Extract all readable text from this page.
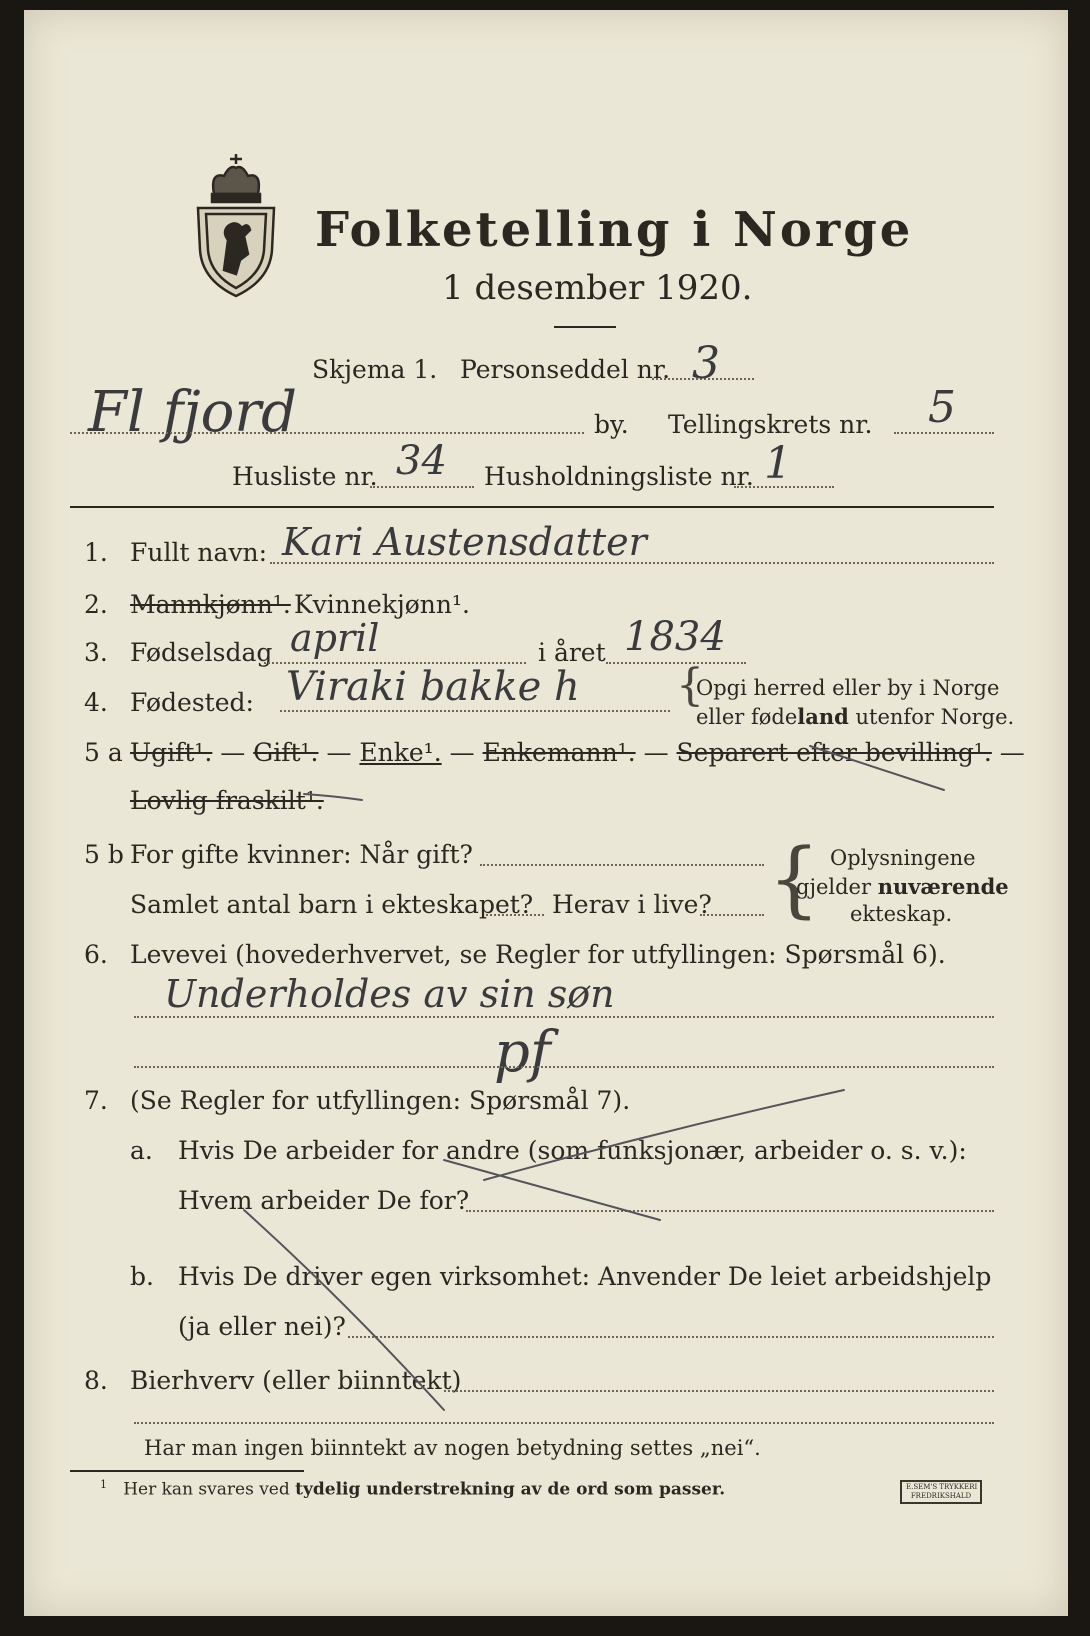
Folketelling i Norge
1 desember 1920.
Skjema 1. Personseddel nr. 3
Fl fjord	by. Tellingskrets nr. 5
Husliste nr. 34 Husholdningsliste nr. 1
1. Fullt navn: Kari Austensdatter
2. Mannkjønn¹. Kvinnekjønn¹.
3. Fødselsdag april	i året 1834
4. Fødested: Viraki bakke h {
Opgi herred eller by i Norge
eller fødeland utenfor Norge.
5 a Ugift¹. — Gift¹. — Enke¹. — Enkemann¹. — Separert efter bevilling¹. —
Lovlig fraskilt¹.
5 b For gifte kvinner: Når gift?
Samlet antal barn i ekteskapet? Herav i live? { Oplysningene
gjelder nuværende
ekteskap.
6. Levevei (hovederhvervet, se Regler for utfyllingen: Spørsmål 6).
Underholdes av sin søn
pf
7. (Se Regler for utfyllingen: Spørsmål 7).
a. Hvis De arbeider for andre (som funksjonær, arbeider o. s. v.):
Hvem arbeider De for?
b. Hvis De driver egen virksomhet: Anvender De leiet arbeidshjelp
(ja eller nei)?
8. Bierhverv (eller biinntekt)
Har man ingen biinntekt av nogen betydning settes „nei“.
$^1$ Her kan svares ved tydelig understrekning av de ord som passer.	E.SEM'S TRYKKERI
FREDRIKSHALD
